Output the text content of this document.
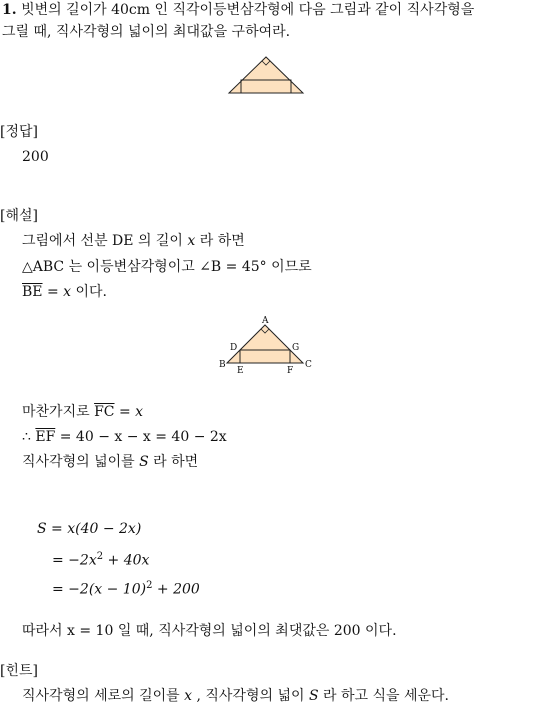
1. 빗변의 길이가 40cm 인 직각이등변삼각형에 다음 그림과 같이 직사각형을
그릴 때, 직사각형의 넓이의 최대값을 구하여라.
[정답]
200
[해설]
그림에서 선분 DE 의 길이 x 라 하면
△ABC 는 이등변삼각형이고 ∠B = 45° 이므로
$\overline{BE} = x$ 이다.
A
B	C
D
E	F
G
마찬가지로 $\overline{FC} = x$
∴ $\overline{EF} = 40 - x - x = 40 - 2x$
직사각형의 넓이를 S 라 하면
S = x(40 − 2x)
= $-2x^2 + 40x$
= $-2(x - 10)^2 + 200$
따라서 x = 10 일 때, 직사각형의 넓이의 최댓값은 200 이다.
[힌트]
직사각형의 세로의 길이를 x , 직사각형의 넓이 S 라 하고 식을 세운다.
